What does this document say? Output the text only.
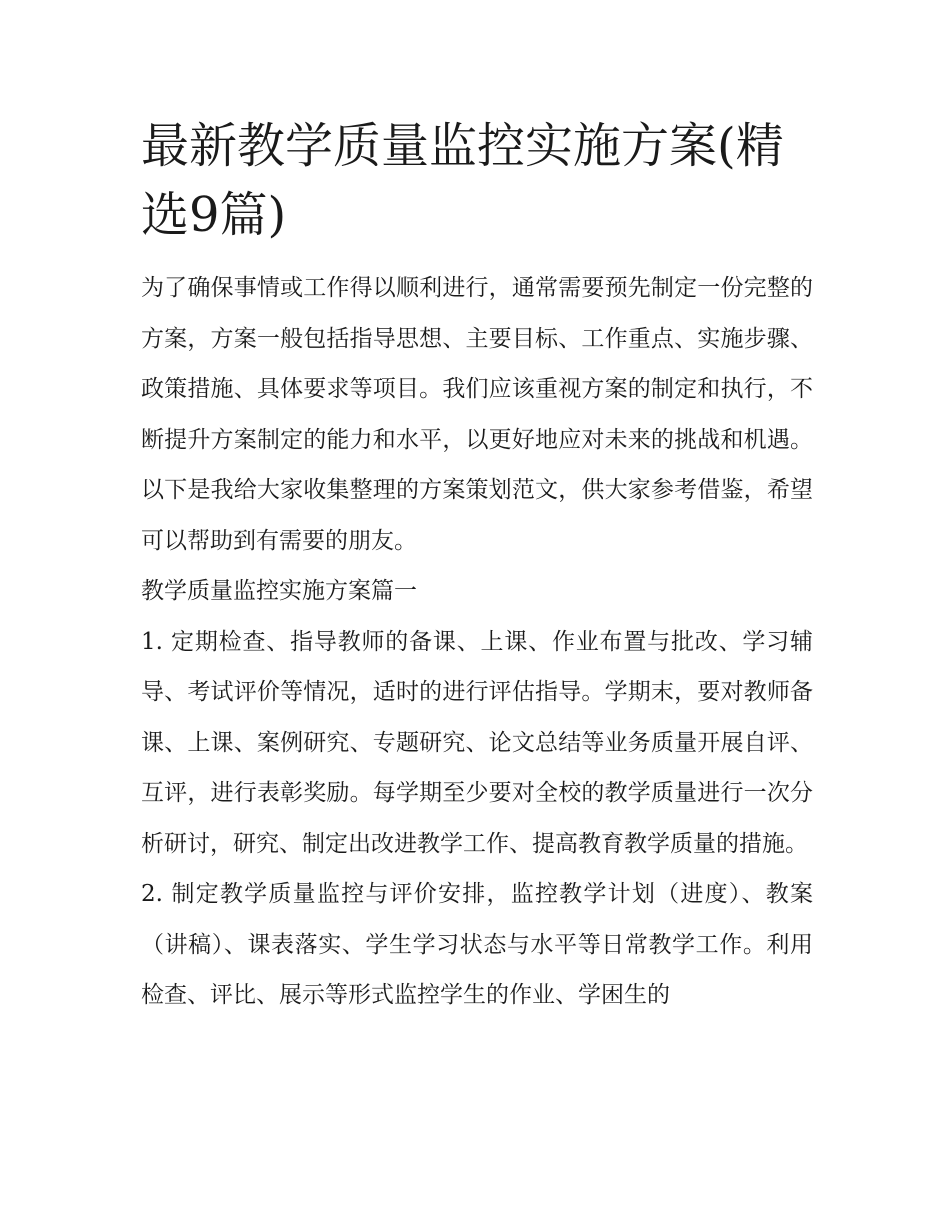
最新教学质量监控实施方案(精选9篇)

为了确保事情或工作得以顺利进行，通常需要预先制定一份完整的方案，方案一般包括指导思想、主要目标、工作重点、实施步骤、政策措施、具体要求等项目。我们应该重视方案的制定和执行，不断提升方案制定的能力和水平，以更好地应对未来的挑战和机遇。以下是我给大家收集整理的方案策划范文，供大家参考借鉴，希望可以帮助到有需要的朋友。

教学质量监控实施方案篇一

1. 定期检查、指导教师的备课、上课、作业布置与批改、学习辅导、考试评价等情况，适时的进行评估指导。学期末，要对教师备课、上课、案例研究、专题研究、论文总结等业务质量开展自评、互评，进行表彰奖励。每学期至少要对全校的教学质量进行一次分析研讨，研究、制定出改进教学工作、提高教育教学质量的措施。

2. 制定教学质量监控与评价安排，监控教学计划（进度）、教案（讲稿）、课表落实、学生学习状态与水平等日常教学工作。利用检查、评比、展示等形式监控学生的作业、学困生的
